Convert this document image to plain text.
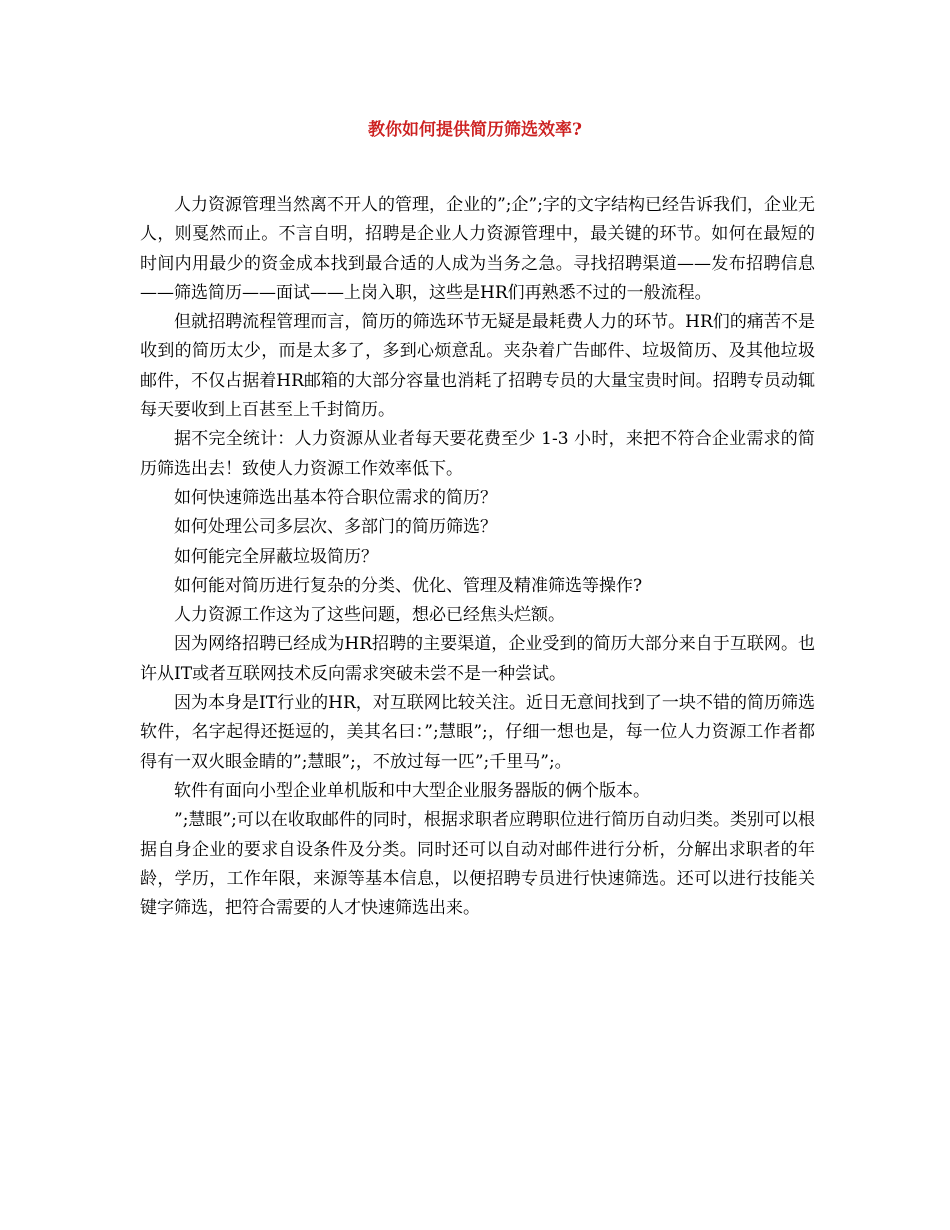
教你如何提供简历筛选效率?

人力资源管理当然离不开人的管理，企业的”;企”;字的文字结构已经告诉我们，企业无人，则戛然而止。不言自明，招聘是企业人力资源管理中，最关键的环节。如何在最短的时间内用最少的资金成本找到最合适的人成为当务之急。寻找招聘渠道——发布招聘信息——筛选简历——面试——上岗入职，这些是HR们再熟悉不过的一般流程。

但就招聘流程管理而言，简历的筛选环节无疑是最耗费人力的环节。HR们的痛苦不是收到的简历太少，而是太多了，多到心烦意乱。夹杂着广告邮件、垃圾简历、及其他垃圾邮件，不仅占据着HR邮箱的大部分容量也消耗了招聘专员的大量宝贵时间。招聘专员动辄每天要收到上百甚至上千封简历。

据不完全统计：人力资源从业者每天要花费至少 1-3 小时，来把不符合企业需求的简历筛选出去！致使人力资源工作效率低下。

如何快速筛选出基本符合职位需求的简历？

如何处理公司多层次、多部门的简历筛选？

如何能完全屏蔽垃圾简历？

如何能对简历进行复杂的分类、优化、管理及精准筛选等操作?

人力资源工作这为了这些问题，想必已经焦头烂额。

因为网络招聘已经成为HR招聘的主要渠道，企业受到的简历大部分来自于互联网。也许从IT或者互联网技术反向需求突破未尝不是一种尝试。

因为本身是IT行业的HR，对互联网比较关注。近日无意间找到了一块不错的简历筛选软件，名字起得还挺逗的，美其名曰：”;慧眼”;，仔细一想也是，每一位人力资源工作者都得有一双火眼金睛的”;慧眼”;，不放过每一匹”;千里马”;。

软件有面向小型企业单机版和中大型企业服务器版的俩个版本。

”;慧眼”;可以在收取邮件的同时，根据求职者应聘职位进行简历自动归类。类别可以根据自身企业的要求自设条件及分类。同时还可以自动对邮件进行分析，分解出求职者的年龄，学历，工作年限，来源等基本信息，以便招聘专员进行快速筛选。还可以进行技能关键字筛选，把符合需要的人才快速筛选出来。
